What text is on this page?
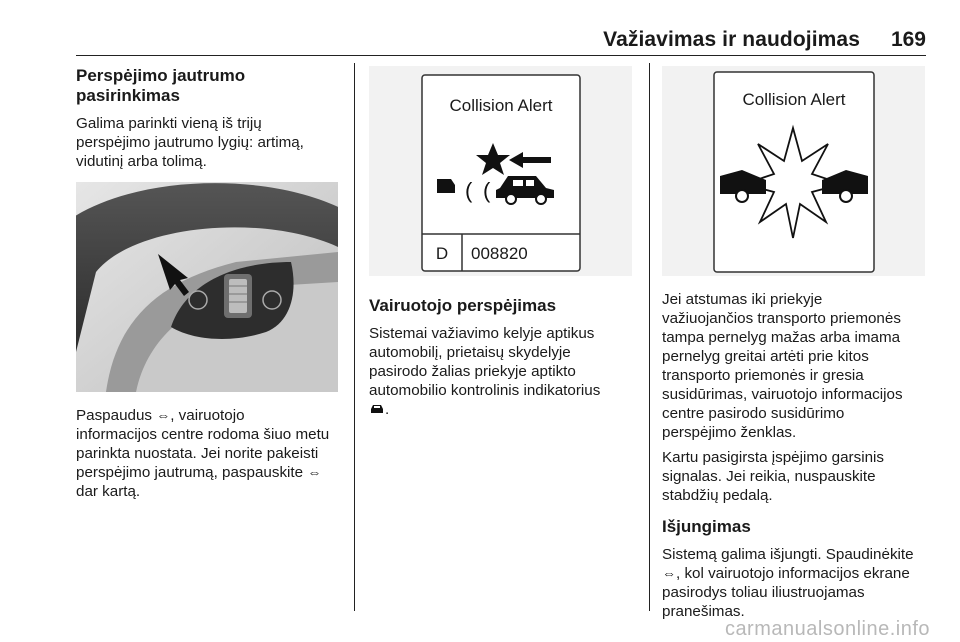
Važiavimas ir naudojimas	169

Perspėjimo jautrumo

pasirinkimas

Galima parinkti vieną iš trijų

perspėjimo jautrumo lygių: artimą,

vidutinį arba tolimą.

Paspaudus ⇔, vairuotojo

informacijos centre rodoma šiuo metu

parinkta nuostata. Jei norite pakeisti

perspėjimo jautrumą, paspauskite ⇔

dar kartą.

( (
Collision Alert
D	008820

Vairuotojo perspėjimas

Sistemai važiavimo kelyje aptikus

automobilį, prietaisų skydelyje

pasirodo žalias priekyje aptikto

automobilio kontrolinis indikatorius

.

Collision Alert

Jei atstumas iki priekyje

važiuojančios transporto priemonės

tampa pernelyg mažas arba imama

pernelyg greitai artėti prie kitos

transporto priemonės ir gresia

susidūrimas, vairuotojo informacijos

centre pasirodo susidūrimo

perspėjimo ženklas.

Kartu pasigirsta įspėjimo garsinis

signalas. Jei reikia, nuspauskite

stabdžių pedalą.

Išjungimas

Sistemą galima išjungti. Spaudinėkite

⇔, kol vairuotojo informacijos ekrane

pasirodys toliau iliustruojamas

pranešimas.

carmanualsonline.info
